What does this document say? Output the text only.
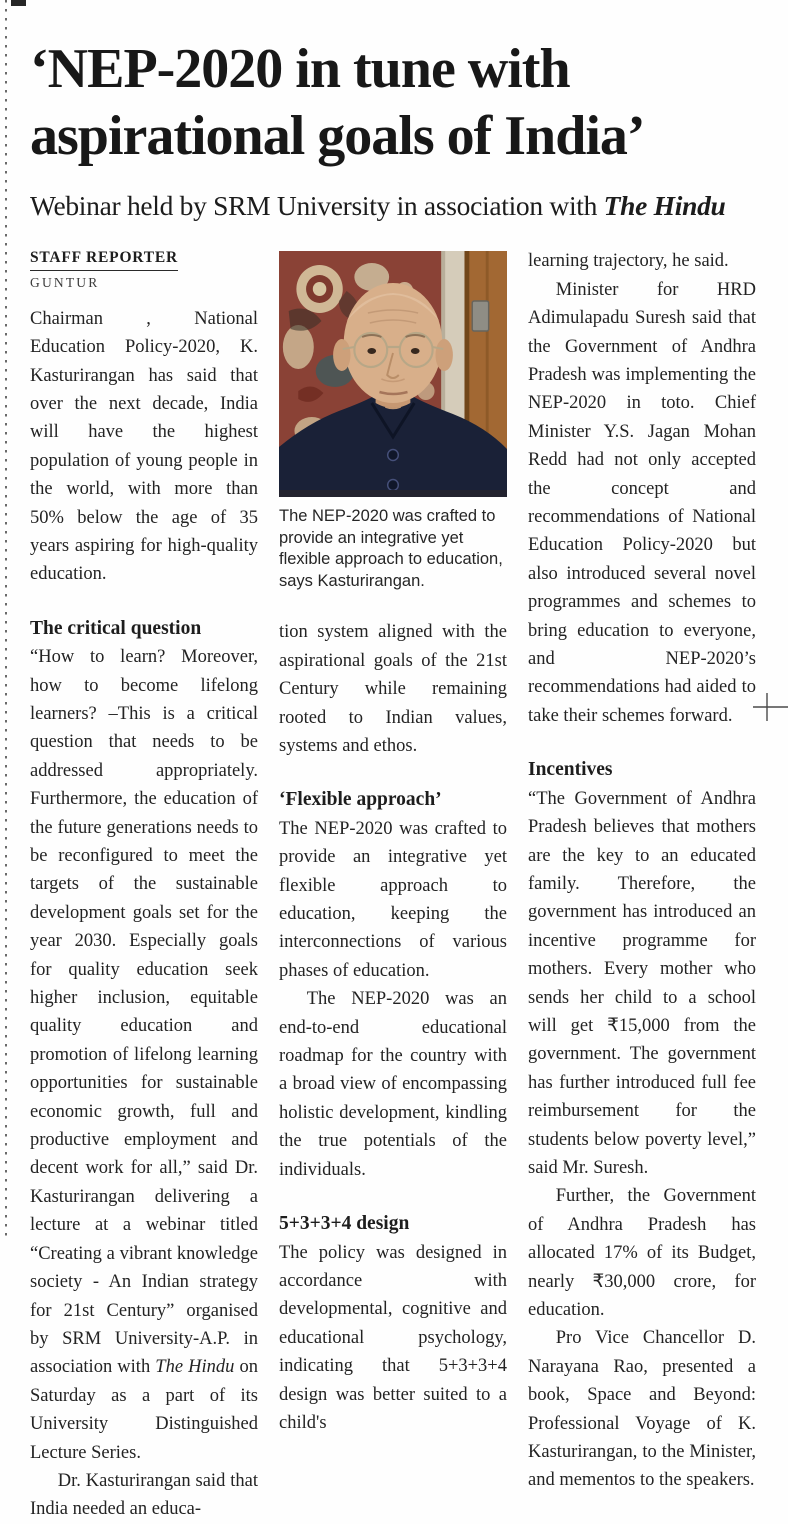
‘NEP-2020 in tune with aspirational goals of India’
Webinar held by SRM University in association with The Hindu
STAFF REPORTER
GUNTUR

Chairman , National Education Policy-2020, K. Kasturirangan has said that over the next decade, India will have the highest population of young people in the world, with more than 50% below the age of 35 years aspiring for high-quality education.

The critical question

“How to learn? Moreover, how to become lifelong learners? –This is a critical question that needs to be addressed appropriately. Furthermore, the education of the future generations needs to be reconfigured to meet the targets of the sustainable development goals set for the year 2030. Especially goals for quality education seek higher inclusion, equitable quality education and promotion of lifelong learning opportunities for sustainable economic growth, full and productive employment and decent work for all,” said Dr. Kasturirangan delivering a lecture at a webinar titled “Creating a vibrant knowledge society - An Indian strategy for 21st Century” organised by SRM University-A.P. in association with The Hindu on Saturday as a part of its University Distinguished Lecture Series.

Dr. Kasturirangan said that India needed an educa-

The NEP-2020 was crafted to provide an integrative yet flexible approach to education, says Kasturirangan.

tion system aligned with the aspirational goals of the 21st Century while remaining rooted to Indian values, systems and ethos.

‘Flexible approach’

The NEP-2020 was crafted to provide an integrative yet flexible approach to education, keeping the interconnections of various phases of education.

The NEP-2020 was an end-to-end educational roadmap for the country with a broad view of encompassing holistic development, kindling the true potentials of the individuals.

5+3+3+4 design

The policy was designed in accordance with developmental, cognitive and educational psychology, indicating that 5+3+3+4 design was better suited to a child's

learning trajectory, he said.

Minister for HRD Adimulapadu Suresh said that the Government of Andhra Pradesh was implementing the NEP-2020 in toto. Chief Minister Y.S. Jagan Mohan Redd had not only accepted the concept and recommendations of National Education Policy-2020 but also introduced several novel programmes and schemes to bring education to everyone, and NEP-2020’s recommendations had aided to take their schemes forward.

Incentives

“The Government of Andhra Pradesh believes that mothers are the key to an educated family. Therefore, the government has introduced an incentive programme for mothers. Every mother who sends her child to a school will get ₹15,000 from the government. The government has further introduced full fee reimbursement for the students below poverty level,” said Mr. Suresh.

Further, the Government of Andhra Pradesh has allocated 17% of its Budget, nearly ₹30,000 crore, for education.

Pro Vice Chancellor D. Narayana Rao, presented a book, Space and Beyond: Professional Voyage of K. Kasturirangan, to the Minister, and mementos to the speakers.
